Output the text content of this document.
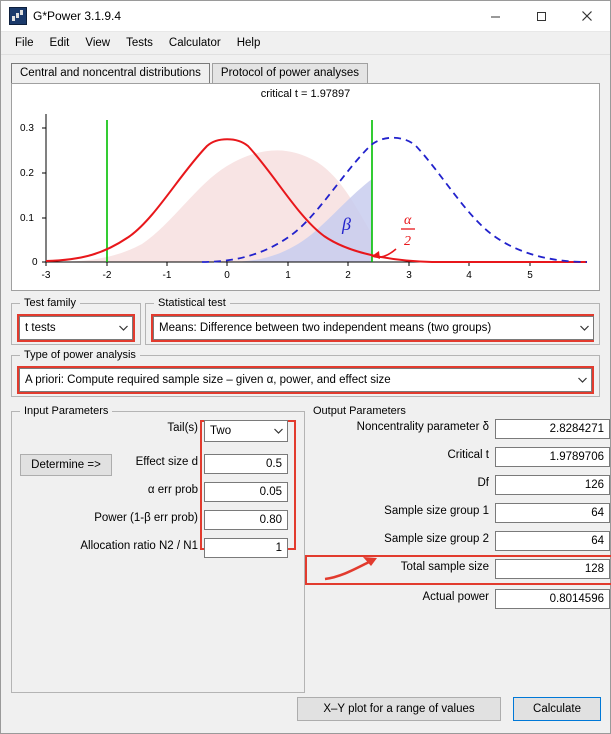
G*Power 3.1.9.4
File	Edit	View	Tests	Calculator	Help
Central and noncentral distributions	Protocol of power analyses
critical t = 1.97897
0.3
0.2
0.1
0
-3	-2	-1	0	1	2	3	4	5
β	α
2
Test family
t tests
Statistical test
Means: Difference between two independent means (two groups)
Type of power analysis
A priori: Compute required sample size – given α, power, and effect size
Input Parameters
Tail(s) Two
Determine =>	Effect size d	0.5
α err prob	0.05
Power (1-β err prob)	0.80
Allocation ratio N2 / N1	1
Output Parameters
Noncentrality parameter δ	2.8284271
Critical t	1.9789706
Df	126
Sample size group 1	64
Sample size group 2	64
Total sample size	128
Actual power	0.8014596
X–Y plot for a range of values	Calculate
